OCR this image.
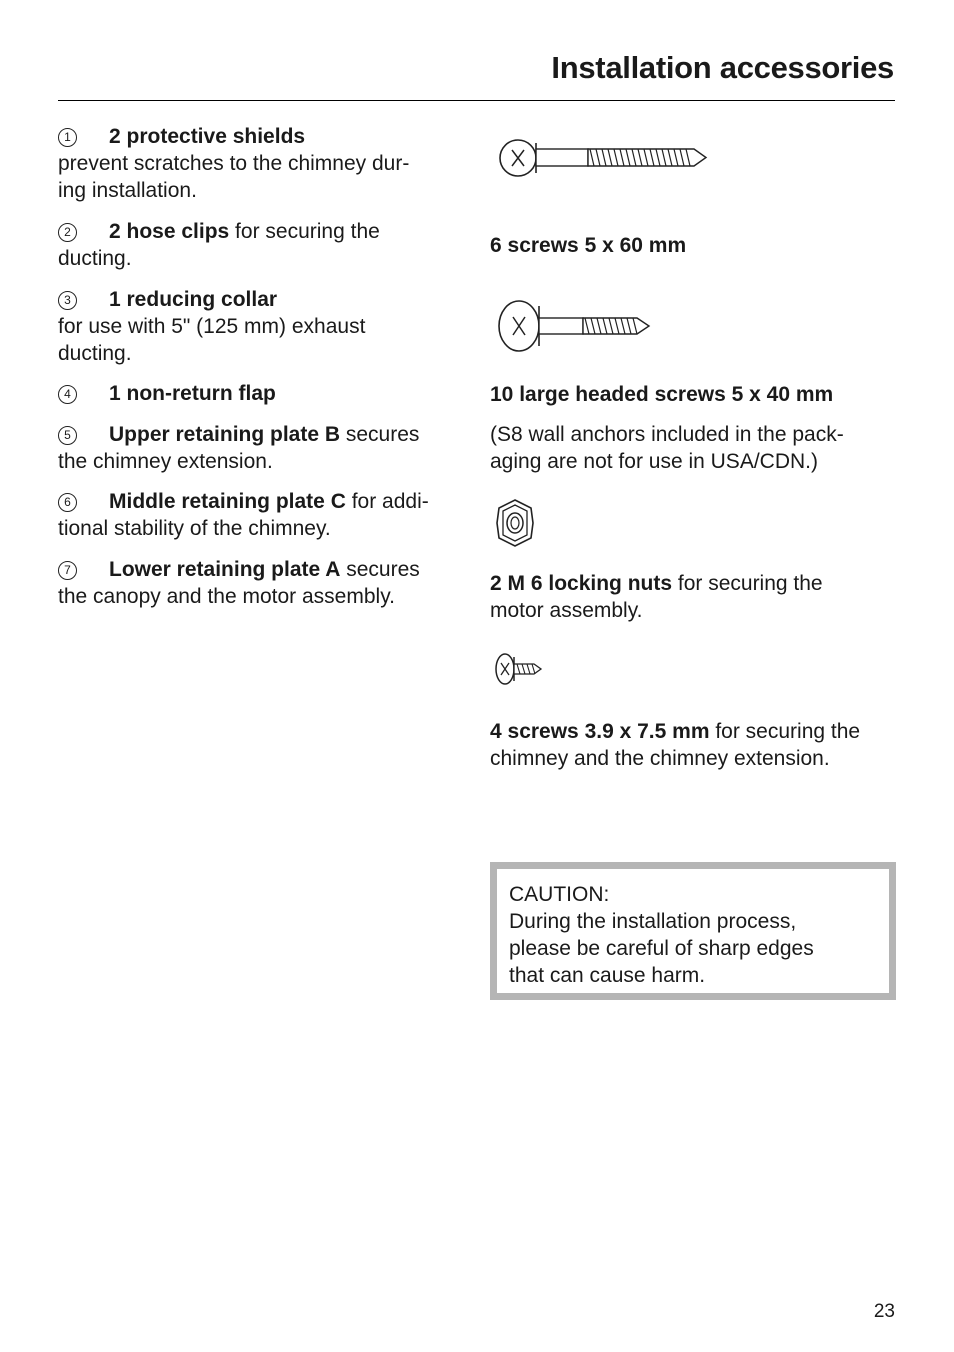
Installation accessories
1 2 protective shields
prevent scratches to the chimney dur-
ing installation.
2 2 hose clips for securing the
ducting.
3 1 reducing collar
for use with 5" (125 mm) exhaust
ducting.
4 1 non-return flap
5 Upper retaining plate B secures
the chimney extension.
6 Middle retaining plate C for addi-
tional stability of the chimney.
7 Lower retaining plate A secures
the canopy and the motor assembly.
6 screws 5 x 60 mm
10 large headed screws 5 x 40 mm
(S8 wall anchors included in the pack-
aging are not for use in USA/CDN.)
2 M 6 locking nuts for securing the
motor assembly.
4 screws 3.9 x 7.5 mm for securing the
chimney and the chimney extension.
CAUTION:
During the installation process,
please be careful of sharp edges
that can cause harm.
23
